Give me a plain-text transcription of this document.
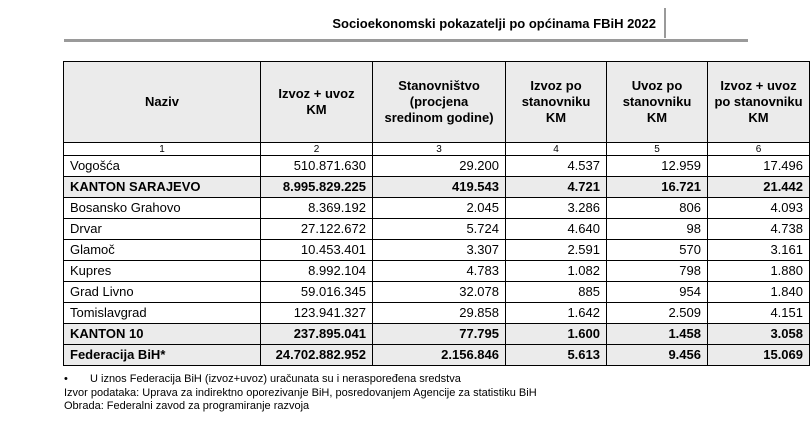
Socioekonomski pokazatelji po općinama FBiH 2022
Naziv	Izvoz + uvoz KM	Stanovništvo (procjena sredinom godine)	Izvoz po stanovniku KM	Uvoz po stanovniku KM	Izvoz + uvoz po stanovniku KM
1	2	3	4	5	6
Vogošća	510.871.630	29.200	4.537	12.959	17.496
KANTON SARAJEVO	8.995.829.225	419.543	4.721	16.721	21.442
Bosansko Grahovo	8.369.192	2.045	3.286	806	4.093
Drvar	27.122.672	5.724	4.640	98	4.738
Glamoč	10.453.401	3.307	2.591	570	3.161
Kupres	8.992.104	4.783	1.082	798	1.880
Grad Livno	59.016.345	32.078	885	954	1.840
Tomislavgrad	123.941.327	29.858	1.642	2.509	4.151
KANTON 10	237.895.041	77.795	1.600	1.458	3.058
Federacija BiH*	24.702.882.952	2.156.846	5.613	9.456	15.069
• U iznos Federacija BiH (izvoz+uvoz) uračunata su i neraspoređena sredstva
Izvor podataka: Uprava za indirektno oporezivanje BiH, posredovanjem Agencije za statistiku BiH
Obrada: Federalni zavod za programiranje razvoja
